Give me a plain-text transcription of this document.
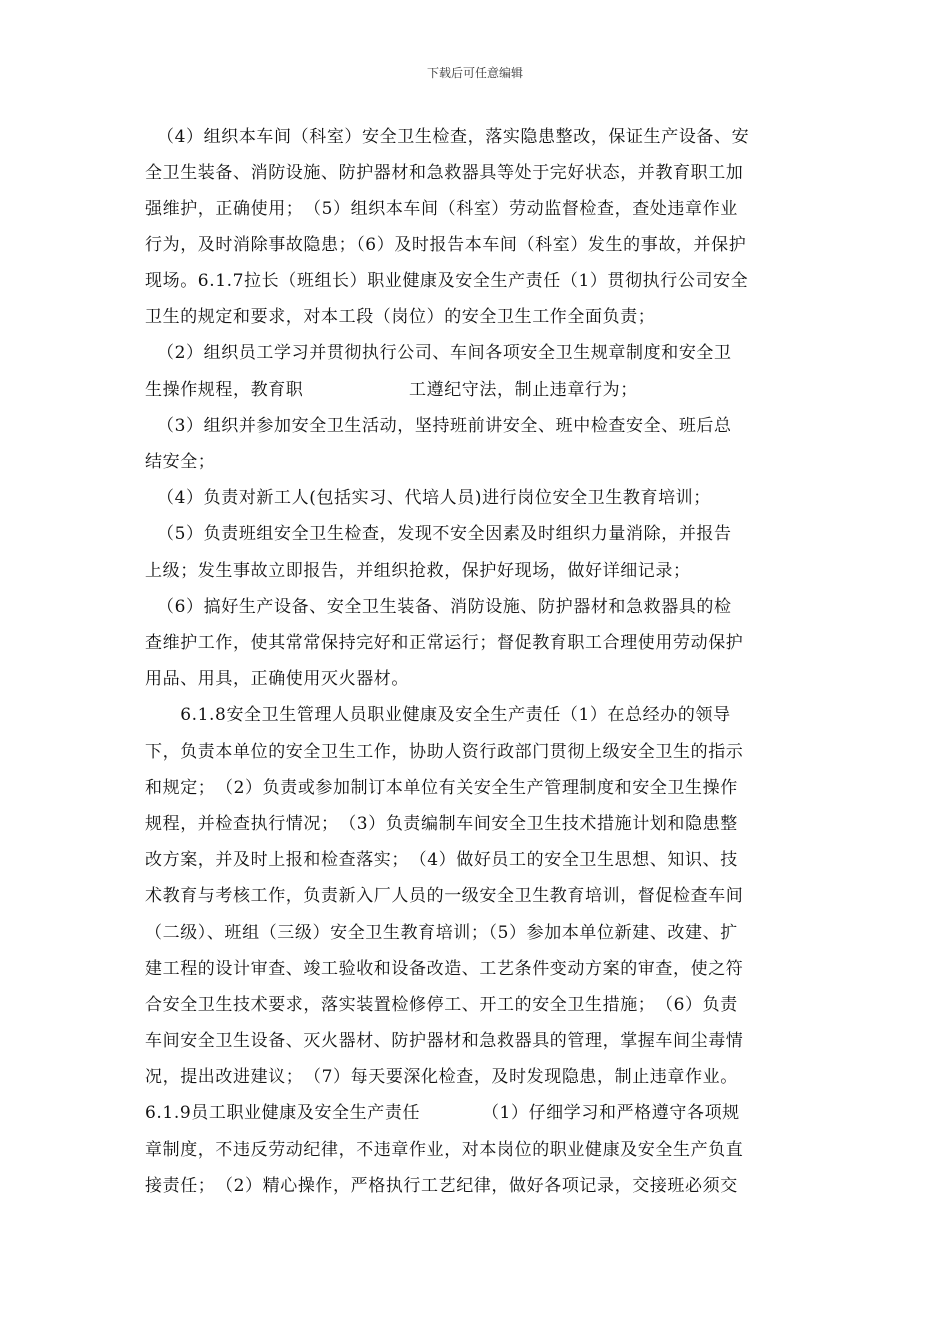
下载后可任意编辑
（4）组织本车间（科室）安全卫生检查，落实隐患整改，保证生产设备、安
全卫生装备、消防设施、防护器材和急救器具等处于完好状态，并教育职工加
强维护，正确使用；　（5）组织本车间（科室）劳动监督检查，查处违章作业
行为，及时消除事故隐患；（6）及时报告本车间（科室）发生的事故，并保护
现场。6.1.7拉长（班组长）职业健康及安全生产责任（1）贯彻执行公司安全
卫生的规定和要求，对本工段（岗位）的安全卫生工作全面负责；
（2）组织员工学习并贯彻执行公司、车间各项安全卫生规章制度和安全卫
生操作规程，教育职　　　　　　工遵纪守法，制止违章行为；
（3）组织并参加安全卫生活动，坚持班前讲安全、班中检查安全、班后总
结安全；
（4）负责对新工人(包括实习、代培人员)进行岗位安全卫生教育培训；
（5）负责班组安全卫生检查，发现不安全因素及时组织力量消除，并报告
上级；发生事故立即报告，并组织抢救，保护好现场，做好详细记录；
（6）搞好生产设备、安全卫生装备、消防设施、防护器材和急救器具的检
查维护工作，使其常常保持完好和正常运行；督促教育职工合理使用劳动保护
用品、用具，正确使用灭火器材。
　　6.1.8安全卫生管理人员职业健康及安全生产责任（1）在总经办的领导
下，负责本单位的安全卫生工作，协助人资行政部门贯彻上级安全卫生的指示
和规定；　（2）负责或参加制订本单位有关安全生产管理制度和安全卫生操作
规程，并检查执行情况；　（3）负责编制车间安全卫生技术措施计划和隐患整
改方案，并及时上报和检查落实；　（4）做好员工的安全卫生思想、知识、技
术教育与考核工作，负责新入厂人员的一级安全卫生教育培训，督促检查车间
（二级）、班组（三级）安全卫生教育培训；（5）参加本单位新建、改建、扩
建工程的设计审查、竣工验收和设备改造、工艺条件变动方案的审查，使之符
合安全卫生技术要求，落实装置检修停工、开工的安全卫生措施；　（6）负责
车间安全卫生设备、灭火器材、防护器材和急救器具的管理，掌握车间尘毒情
况，提出改进建议；　（7）每天要深化检查，及时发现隐患，制止违章作业。
6.1.9员工职业健康及安全生产责任　　　　（1）仔细学习和严格遵守各项规
章制度，不违反劳动纪律，不违章作业，对本岗位的职业健康及安全生产负直
接责任；　（2）精心操作，严格执行工艺纪律，做好各项记录，交接班必须交
